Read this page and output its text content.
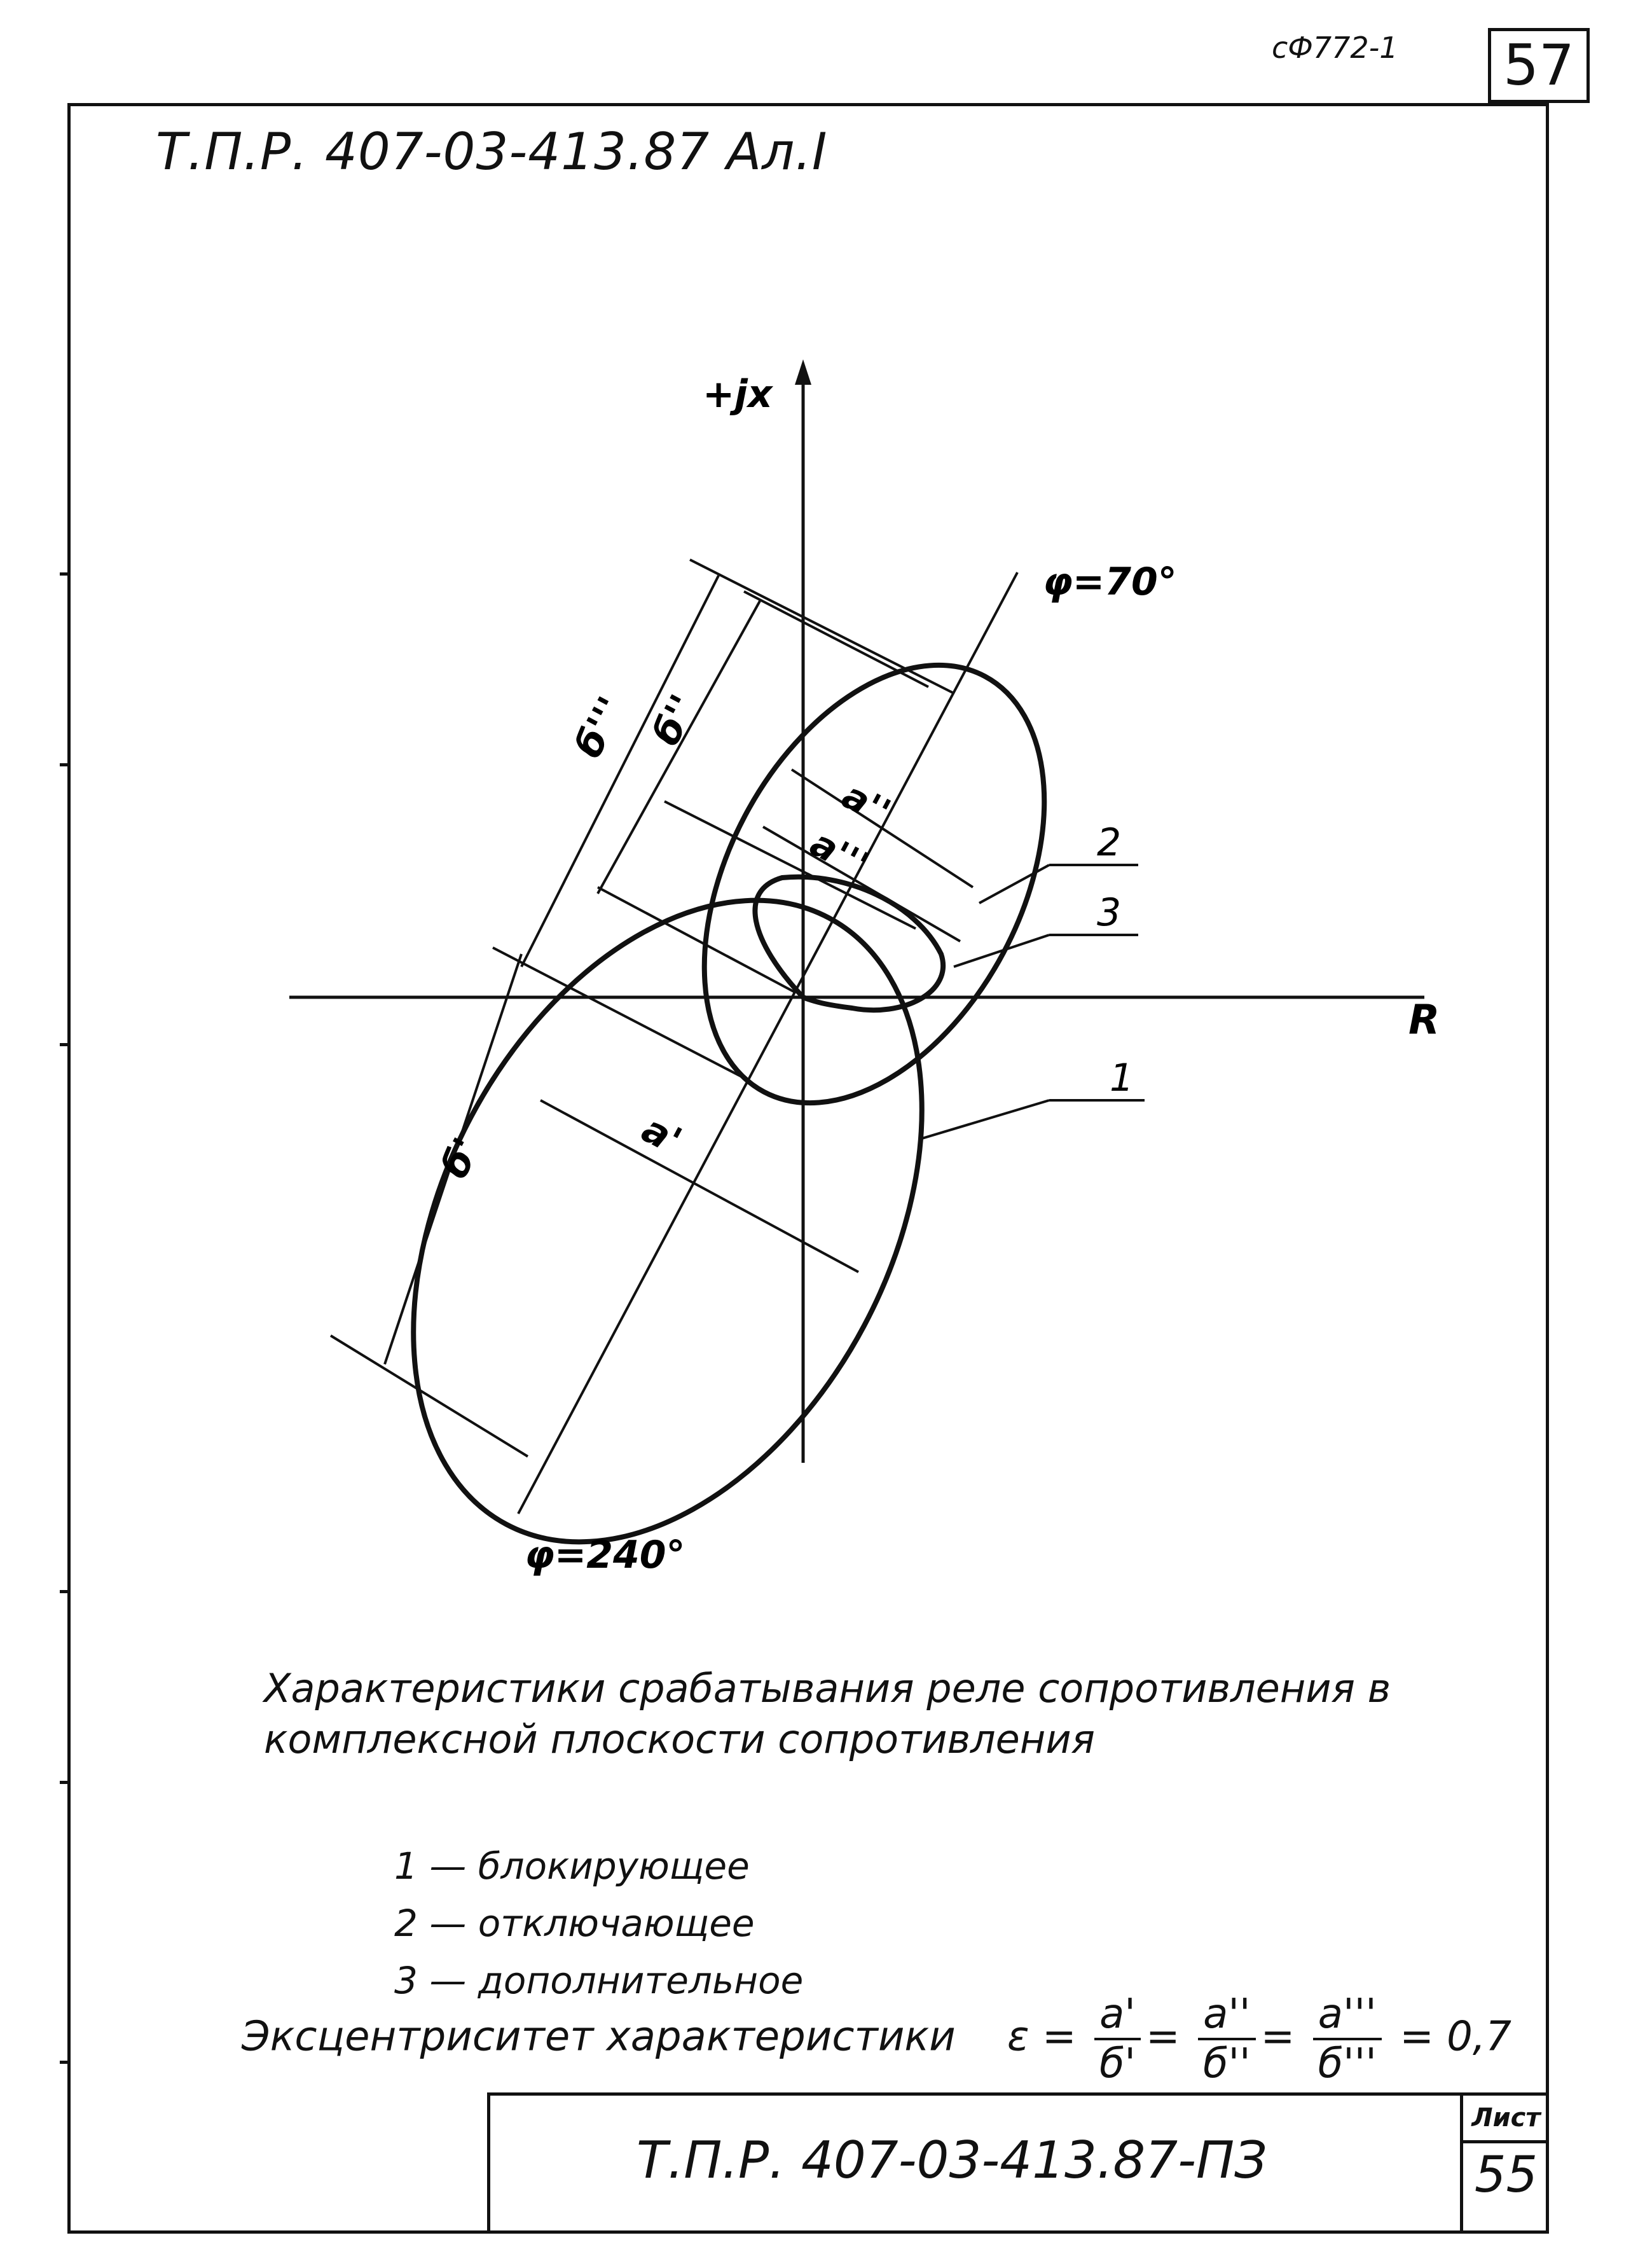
сФ772-1 57
Т.П.Р. 407-03-413.87 Ал.I
+jx
R
φ=70°
φ=240°
б''' б''
б'
a''
a'''
a'
2
3
1
Характеристики срабатывания реле сопротивления в
комплексной плоскости сопротивления
1 — блокирующее
2 — отключающее
3 — дополнительное
Эксцентриситет характеристики $\varepsilon = \frac{a'}{б'} = \frac{a''}{б''} = \frac{a'''}{б'''} = 0,7$
Т.П.Р. 407-03-413.87-ПЗ
Лист
55
